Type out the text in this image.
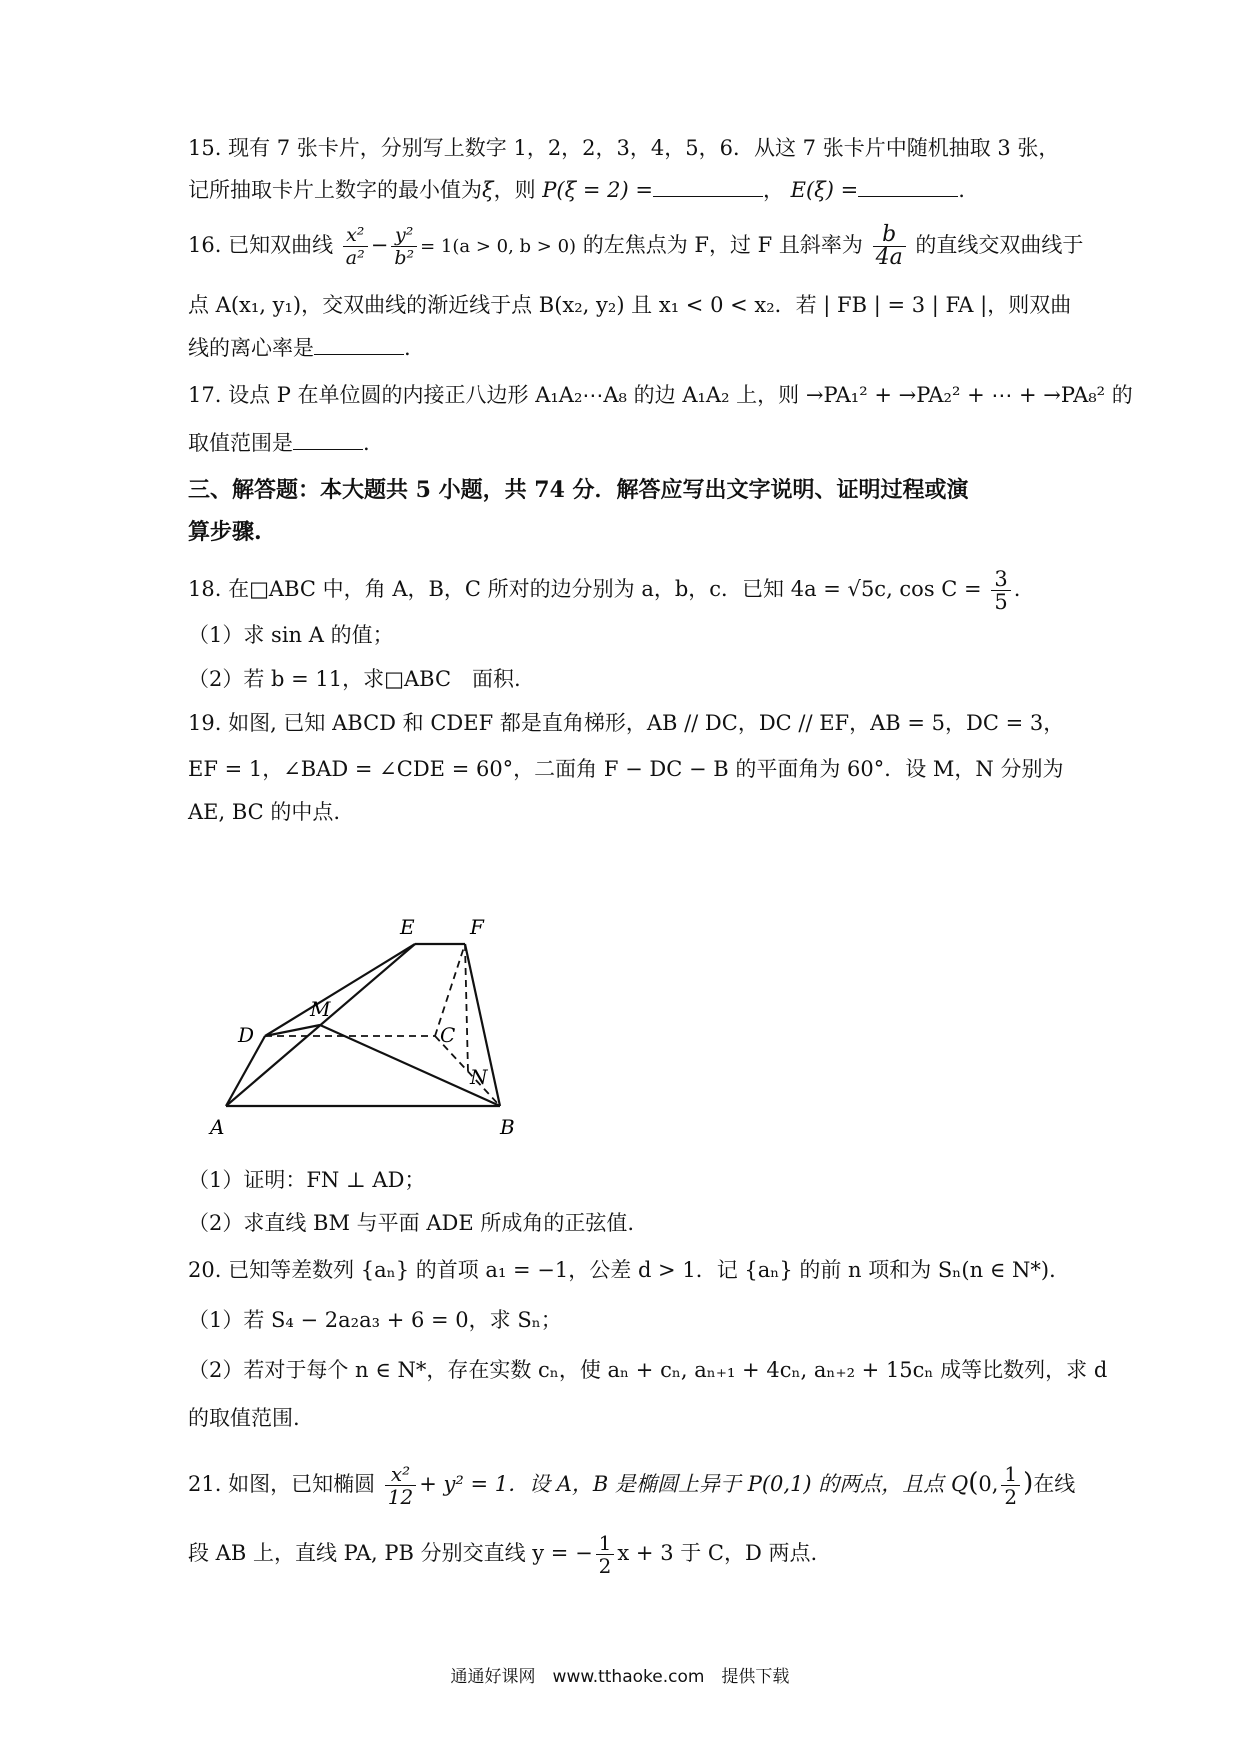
15. 现有 7 张卡片，分别写上数字 1，2，2，3，4，5，6．从这 7 张卡片中随机抽取 3 张，
记所抽取卡片上数字的最小值为ξ，则 P(ξ = 2) =	， E(ξ) =	.
16. 已知双曲线 $\frac{\text{x²}}{\text{a²}} - \frac{\text{y²}}{\text{b²}} = 1(a > 0$, b > 0) 的左焦点为 F，过 F 且斜率为 $\frac{b}{4a}$ 的直线交双曲线于
点 A(x₁, y₁)，交双曲线的渐近线于点 B(x₂, y₂) 且 x₁ < 0 < x₂．若 | FB | = 3 | FA |，则双曲
线的离心率是	.
17. 设点 P 在单位圆的内接正八边形 A₁A₂⋯A₈ 的边 A₁A₂ 上，则 →PA₁² + →PA₂² + ⋯ + →PA₈² 的
取值范围是	.
三、解答题：本大题共 5 小题，共 74 分．解答应写出文字说明、证明过程或演
算步骤.
18. 在□ABC 中，角 A，B，C 所对的边分别为 a，b，c．已知 4a = √5c, $\cos C = \frac{3}{5}$ .
（1）求 sin A 的值；
（2）若 b = 11，求□ABC　面积.
19. 如图, 已知 ABCD 和 CDEF 都是直角梯形，AB // DC，DC // EF，AB = 5，DC = 3，
EF = 1，∠BAD = ∠CDE = 60°，二面角 F − DC − B 的平面角为 60°．设 M，N 分别为
AE, BC 的中点.
E	F
D
M
C
N
A	B
（1）证明：FN ⊥ AD；
（2）求直线 BM 与平面 ADE 所成角的正弦值.
20. 已知等差数列 {aₙ} 的首项 a₁ = −1，公差 d > 1．记 {aₙ} 的前 n 项和为 Sₙ(n ∈ N*)．
（1）若 S₄ − 2a₂a₃ + 6 = 0，求 Sₙ；
（2）若对于每个 n ∈ N*，存在实数 cₙ，使 aₙ + cₙ, aₙ₊₁ + 4cₙ, aₙ₊₂ + 15cₙ 成等比数列，求 d
的取值范围.
21. 如图，已知椭圆 $\frac{\text{x²}}{12} + y^2 = 1$．设 A，B 是椭圆上异于 P(0,1) 的两点，且点 Q(0, $\frac{1}{2}$ )在线
段 AB 上，直线 PA, PB 分别交直线 y = − $\frac{1}{2}$ x + 3 于 C，D 两点.
通通好课网　www.tthaoke.com　提供下载
